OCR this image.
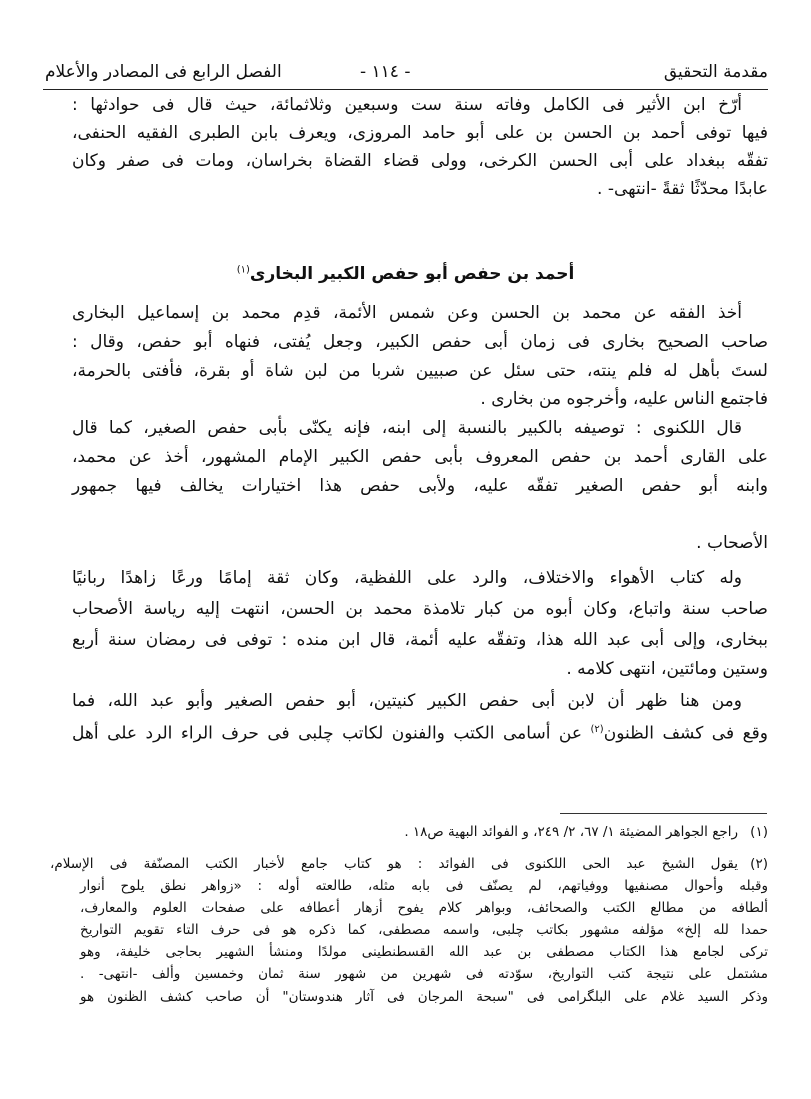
مقدمة التحقيق
- ١١٤ -
الفصل الرابع فى المصادر والأعلام
أرّخ ابن الأثير فى الكامل وفاته سنة ست وسبعين وثلاثمائة، حيث قال فى حوادثها :
فيها توفى أحمد بن الحسن بن على أبو حامد المروزى، ويعرف بابن الطبرى الفقيه الحنفى،
تفقّه ببغداد على أبى الحسن الكرخى، وولى قضاء القضاة بخراسان، ومات فى صفر وكان
عابدًا محدّثًا ثقةً -انتهى- .
أحمد بن حفص أبو حفص الكبير البخارى$^{(١)}$
أخذ الفقه عن محمد بن الحسن وعن شمس الأئمة، قدِم محمد بن إسماعيل البخارى
صاحب الصحيح بخارى فى زمان أبى حفص الكبير، وجعل يُفتى، فنهاه أبو حفص، وقال :
لستَ بأهل له فلم ينته، حتى سئل عن صبيين شربا من لبن شاة أو بقرة، فأفتى بالحرمة،
فاجتمع الناس عليه، وأخرجوه من بخارى .
قال اللكنوى : توصيفه بالكبير بالنسبة إلى ابنه، فإنه يكنّى بأبى حفص الصغير، كما قال
على القارى أحمد بن حفص المعروف بأبى حفص الكبير الإمام المشهور، أخذ عن محمد،
وابنه أبو حفص الصغير تفقّه عليه، ولأبى حفص هذا اختيارات يخالف فيها جمهور
الأصحاب .
وله كتاب الأهواء والاختلاف، والرد على اللفظية، وكان ثقة إمامًا ورعًا زاهدًا ربانيًا
صاحب سنة واتباع، وكان أبوه من كبار تلامذة محمد بن الحسن، انتهت إليه رياسة الأصحاب
ببخارى، وإلى أبى عبد الله هذا، وتفقّه عليه أئمة، قال ابن منده : توفى فى رمضان سنة أربع
وستين ومائتين، انتهى كلامه .
ومن هنا ظهر أن لابن أبى حفص الكبير كنيتين، أبو حفص الصغير وأبو عبد الله، فما
وقع فى كشف الظنون$^{(٢)}$ عن أسامى الكتب والفنون لكاتب چلبى فى حرف الراء الرد على أهل
(١)راجع الجواهر المضيئة ١/ ٦٧، ٢/ ٢٤٩، و الفوائد البهية ص١٨ .
(٢)يقول الشيخ عبد الحى اللكنوى فى الفوائد : هو كتاب جامع لأخبار الكتب المصنّفة فى الإسلام،
وقبله وأحوال مصنفيها ووفياتهم، لم يصنّف فى بابه مثله، طالعته أوله : «زواهر نطق يلوح أنوار
ألطافه من مطالع الكتب والصحائف، وبواهر كلام يفوح أزهار أعطافه على صفحات العلوم والمعارف،
حمدا لله إلخ» مؤلفه مشهور بكاتب چلبى، واسمه مصطفى، كما ذكره هو فى حرف التاء تقويم التواريخ
تركى لجامع هذا الكتاب مصطفى بن عبد الله القسطنطينى مولدًا ومنشأ الشهير بحاجى خليفة، وهو
مشتمل على نتيجة كتب التواريخ، سوّدته فى شهرين من شهور سنة ثمان وخمسين وألف -انتهى- .
وذكر السيد غلام على البلگرامى فى "سبحة المرجان فى آثار هندوستان" أن صاحب كشف الظنون هو
